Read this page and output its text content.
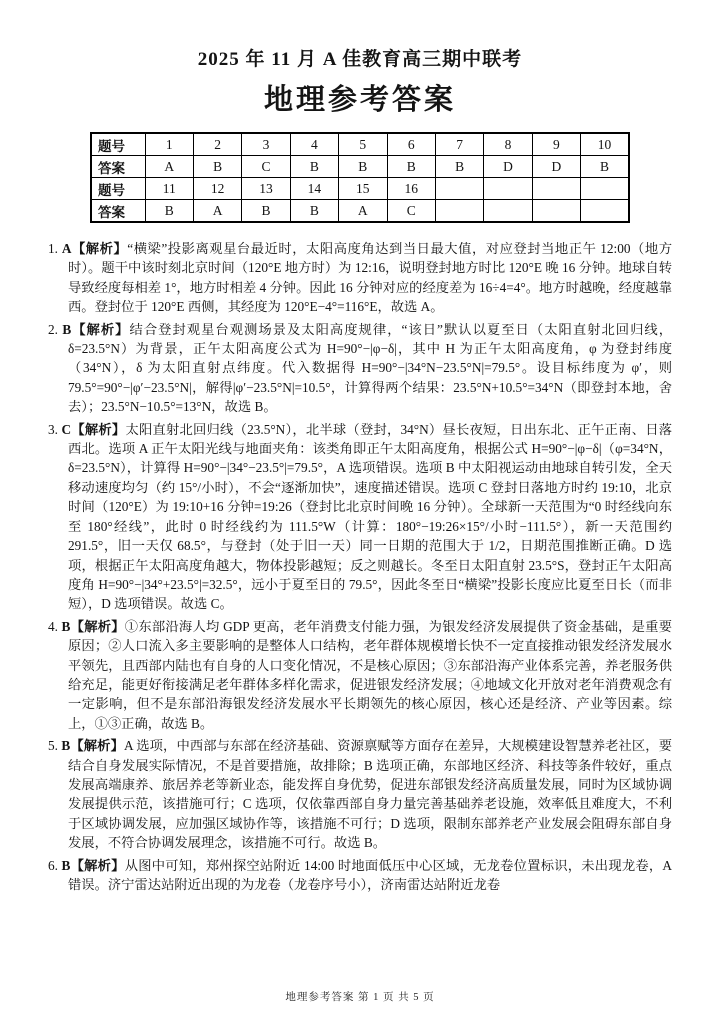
2025 年 11 月 A 佳教育高三期中联考
地理参考答案
题号	1	2	3	4	5	6	7	8	9	10
答案	A	B	C	B	B	B	B	D	D	B
题号	11	12	13	14	15	16				
答案	B	A	B	B	A	C				

1. A【解析】“横梁”投影离观星台最近时，太阳高度角达到当日最大值，对应登封当地正午 12:00（地方时）。题干中该时刻北京时间（120°E 地方时）为 12:16，说明登封地方时比 120°E 晚 16 分钟。地球自转导致经度每相差 1°，地方时相差 4 分钟。因此 16 分钟对应的经度差为 16÷4=4°。地方时越晚，经度越靠西。登封位于 120°E 西侧，其经度为 120°E−4°=116°E，故选 A。

2. B【解析】结合登封观星台观测场景及太阳高度规律，“该日”默认以夏至日（太阳直射北回归线，δ=23.5°N）为背景，正午太阳高度公式为 H=90°−|φ−δ|，其中 H 为正午太阳高度角，φ 为登封纬度（34°N），δ 为太阳直射点纬度。代入数据得 H=90°−|34°N−23.5°N|=79.5°。设目标纬度为 φ′，则 79.5°=90°−|φ′−23.5°N|，解得|φ′−23.5°N|=10.5°，计算得两个结果：23.5°N+10.5°=34°N（即登封本地，舍去）；23.5°N−10.5°=13°N，故选 B。

3. C【解析】太阳直射北回归线（23.5°N），北半球（登封，34°N）昼长夜短，日出东北、正午正南、日落西北。选项 A 正午太阳光线与地面夹角：该类角即正午太阳高度角，根据公式 H=90°−|φ−δ|（φ=34°N，δ=23.5°N），计算得 H=90°−|34°−23.5°|=79.5°，A 选项错误。选项 B 中太阳视运动由地球自转引发，全天移动速度均匀（约 15°/小时），不会“逐渐加快”，速度描述错误。选项 C 登封日落地方时约 19:10，北京时间（120°E）为 19:10+16 分钟=19:26（登封比北京时间晚 16 分钟）。全球新一天范围为“0 时经线向东至 180°经线”，此时 0 时经线约为 111.5°W（计算：180°−19:26×15°/小时−111.5°），新一天范围约 291.5°，旧一天仅 68.5°，与登封（处于旧一天）同一日期的范围大于 1/2，日期范围推断正确。D 选项，根据正午太阳高度角越大，物体投影越短；反之则越长。冬至日太阳直射 23.5°S，登封正午太阳高度角 H=90°−|34°+23.5°|=32.5°，远小于夏至日的 79.5°，因此冬至日“横梁”投影长度应比夏至日长（而非短），D 选项错误。故选 C。

4. B【解析】①东部沿海人均 GDP 更高，老年消费支付能力强，为银发经济发展提供了资金基础，是重要原因；②人口流入多主要影响的是整体人口结构，老年群体规模增长快不一定直接推动银发经济发展水平领先，且西部内陆也有自身的人口变化情况，不是核心原因；③东部沿海产业体系完善，养老服务供给充足，能更好衔接满足老年群体多样化需求，促进银发经济发展；④地域文化开放对老年消费观念有一定影响，但不是东部沿海银发经济发展水平长期领先的核心原因，核心还是经济、产业等因素。综上，①③正确，故选 B。

5. B【解析】A 选项，中西部与东部在经济基础、资源禀赋等方面存在差异，大规模建设智慧养老社区，要结合自身发展实际情况，不是首要措施，故排除；B 选项正确，东部地区经济、科技等条件较好，重点发展高端康养、旅居养老等新业态，能发挥自身优势，促进东部银发经济高质量发展，同时为区域协调发展提供示范，该措施可行；C 选项，仅依靠西部自身力量完善基础养老设施，效率低且难度大，不利于区域协调发展，应加强区域协作等，该措施不可行；D 选项，限制东部养老产业发展会阻碍东部自身发展，不符合协调发展理念，该措施不可行。故选 B。

6. B【解析】从图中可知，郑州探空站附近 14:00 时地面低压中心区域，无龙卷位置标识，未出现龙卷，A 错误。济宁雷达站附近出现的为龙卷（龙卷序号小），济南雷达站附近龙卷

地理参考答案 第 1 页 共 5 页
